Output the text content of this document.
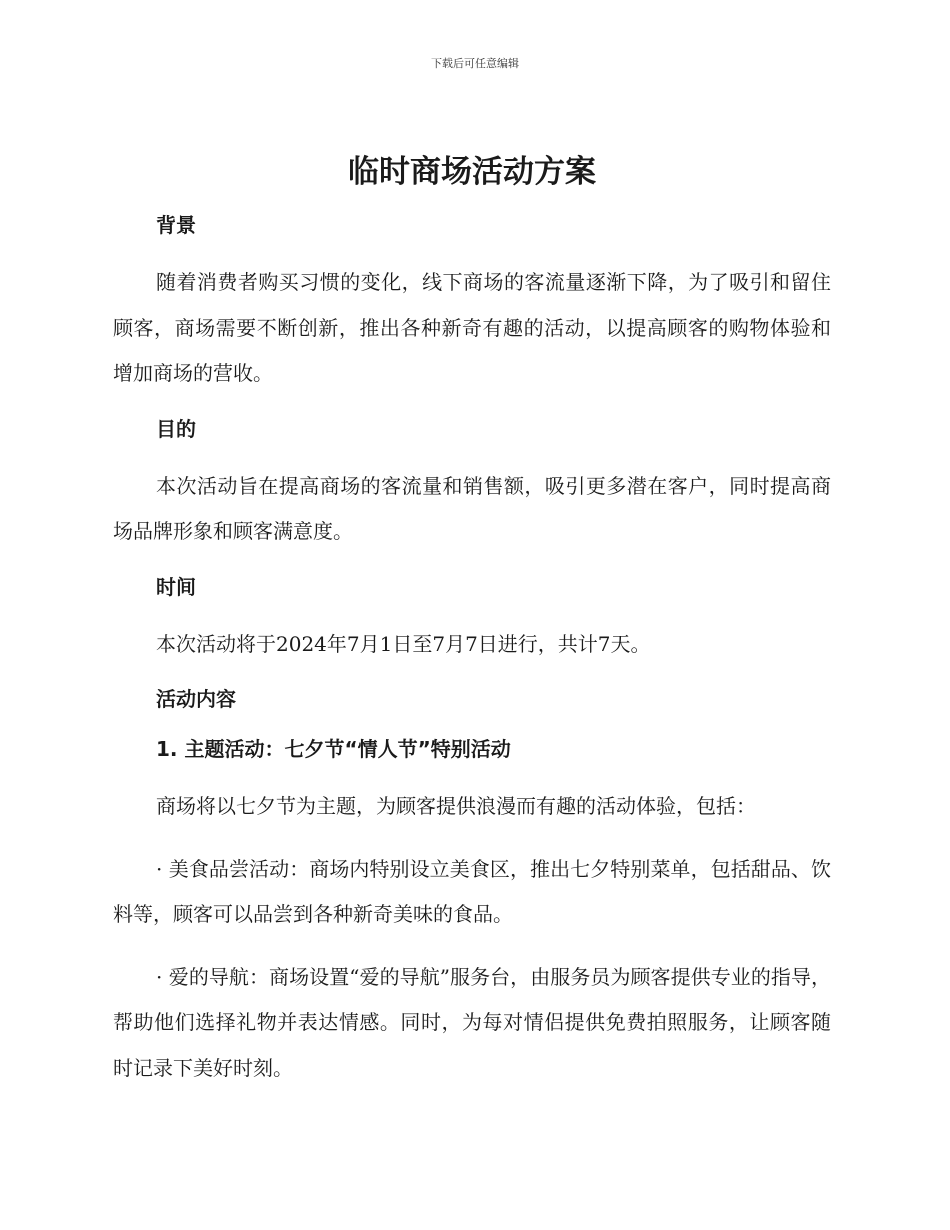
下载后可任意编辑
临时商场活动方案
背景

随着消费者购买习惯的变化，线下商场的客流量逐渐下降，为了吸引和留住顾客，商场需要不断创新，推出各种新奇有趣的活动，以提高顾客的购物体验和增加商场的营收。

目的

本次活动旨在提高商场的客流量和销售额，吸引更多潜在客户，同时提高商场品牌形象和顾客满意度。

时间

本次活动将于2024年7月1日至7月7日进行，共计7天。

活动内容
1. 主题活动：七夕节“情人节”特别活动

商场将以七夕节为主题，为顾客提供浪漫而有趣的活动体验，包括：

· 美食品尝活动：商场内特别设立美食区，推出七夕特别菜单，包括甜品、饮料等，顾客可以品尝到各种新奇美味的食品。

· 爱的导航：商场设置“爱的导航”服务台，由服务员为顾客提供专业的指导，帮助他们选择礼物并表达情感。同时，为每对情侣提供免费拍照服务，让顾客随时记录下美好时刻。
